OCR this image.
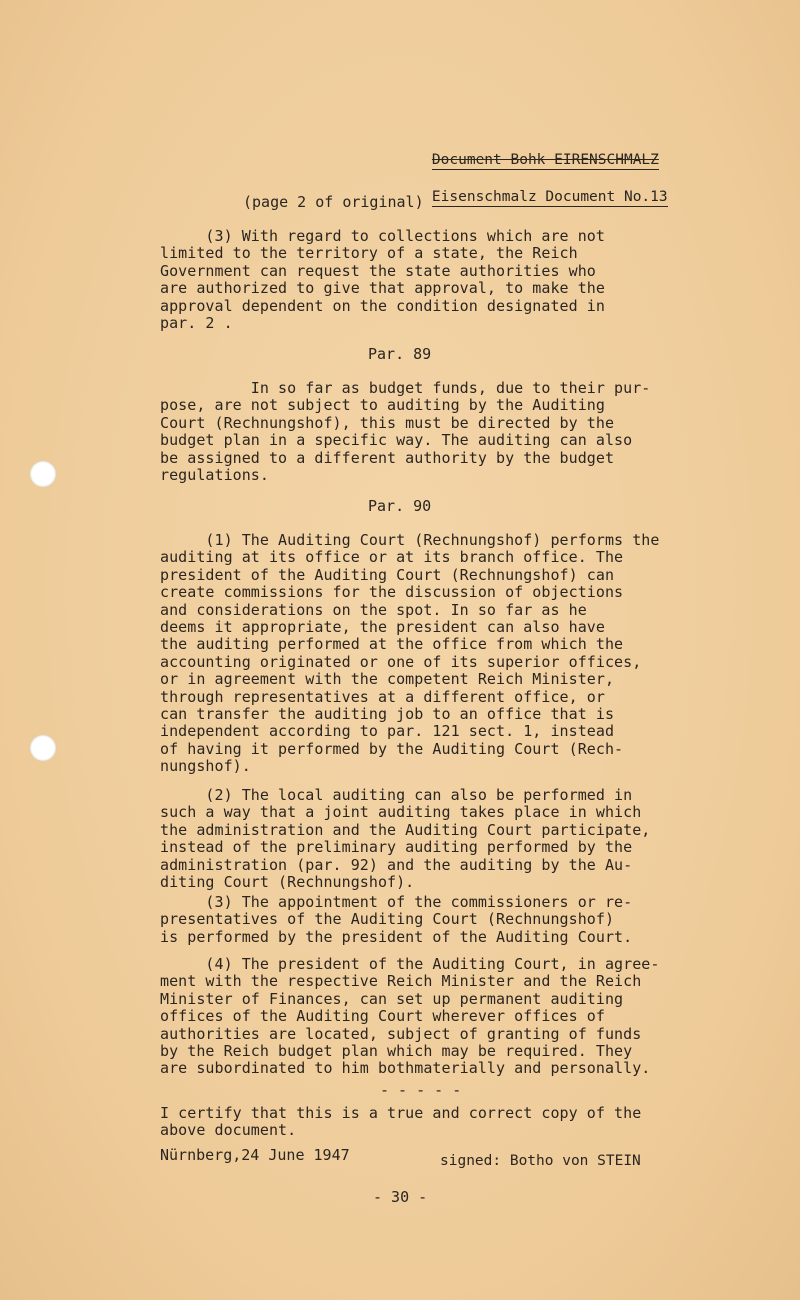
Document Bohk EIRENSCHMALZ

Eisenschmalz Document No.13

(page 2 of original)
(3) With regard to collections which are not
limited to the territory of a state, the Reich
Government can request the state authorities who
are authorized to give that approval, to make the
approval dependent on the condition designated in
par. 2 .
Par. 89
In so far as budget funds, due to their pur-
pose, are not subject to auditing by the Auditing
Court (Rechnungshof), this must be directed by the
budget plan in a specific way. The auditing can also
be assigned to a different authority by the budget
regulations.
Par. 90
(1) The Auditing Court (Rechnungshof) performs the
auditing at its office or at its branch office. The
president of the Auditing Court (Rechnungshof) can
create commissions for the discussion of objections
and considerations on the spot. In so far as he
deems it appropriate, the president can also have
the auditing performed at the office from which the
accounting originated or one of its superior offices,
or in agreement with the competent Reich Minister,
through representatives at a different office, or
can transfer the auditing job to an office that is
independent according to par. 121 sect. 1, instead
of having it performed by the Auditing Court (Rech-
nungshof).
(2) The local auditing can also be performed in
such a way that a joint auditing takes place in which
the administration and the Auditing Court participate,
instead of the preliminary auditing performed by the
administration (par. 92) and the auditing by the Au-
diting Court (Rechnungshof).
(3) The appointment of the commissioners or re-
presentatives of the Auditing Court (Rechnungshof)
is performed by the president of the Auditing Court.
(4) The president of the Auditing Court, in agree-
ment with the respective Reich Minister and the Reich
Minister of Finances, can set up permanent auditing
offices of the Auditing Court wherever offices of
authorities are located, subject of granting of funds
by the Reich budget plan which may be required. They
are subordinated to him bothmaterially and personally.
- - - - -
I certify that this is a true and correct copy of the
above document.
Nürnberg,24 June 1947	signed: Botho von STEIN
- 30 -
